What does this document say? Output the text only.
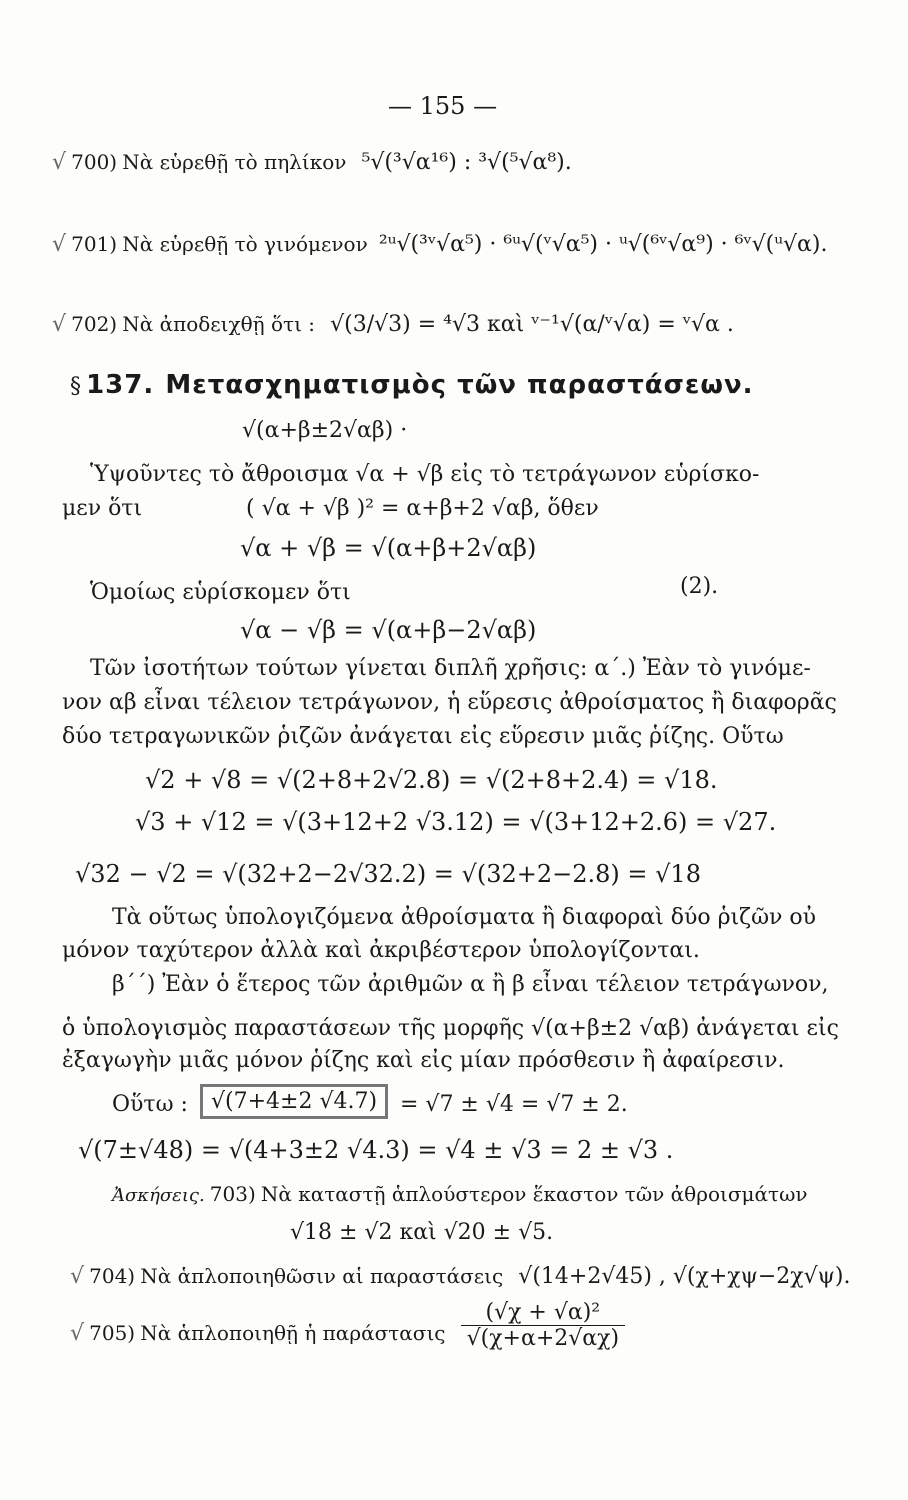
— 155 —
√ 700) Νὰ εὑρεθῇ τὸ πηλίκον ⁵√(³√α¹⁶) : ³√(⁵√α⁸).
√ 701) Νὰ εὑρεθῇ τὸ γινόμενον ²ᵘ√(³ᵛ√α⁵) · ⁶ᵘ√(ᵛ√α⁵) · ᵘ√(⁶ᵛ√α⁹) · ⁶ᵛ√(ᵘ√α).
√ 702) Νὰ ἀποδειχθῇ ὅτι : √(3/√3) = ⁴√3 καὶ ᵛ⁻¹√(α/ᵛ√α) = ᵛ√α .
§ 137. Μετασχηματισμὸς τῶν παραστάσεων.
√(α+β±2√αβ) ·
Ὑψοῦντες τὸ ἄθροισμα √α + √β εἰς τὸ τετράγωνον εὑρίσκο-
μεν ὅτι	( √α + √β )² = α+β+2 √αβ, ὅθεν
√α + √β = √(α+β+2√αβ)
Ὁμοίως εὑρίσκομεν ὅτι	(2).
√α − √β = √(α+β−2√αβ)
Τῶν ἰσοτήτων τούτων γίνεται διπλῆ χρῆσις: α΄.) Ἐὰν τὸ γινόμε-
νον αβ εἶναι τέλειον τετράγωνον, ἡ εὕρεσις ἀθροίσματος ἢ διαφορᾶς
δύο τετραγωνικῶν ῥιζῶν ἀνάγεται εἰς εὕρεσιν μιᾶς ῥίζης. Οὕτω
√2 + √8 = √(2+8+2√2.8) = √(2+8+2.4) = √18.
√3 + √12 = √(3+12+2 √3.12) = √(3+12+2.6) = √27.
√32 − √2 = √(32+2−2√32.2) = √(32+2−2.8) = √18
Τὰ οὕτως ὑπολογιζόμενα ἀθροίσματα ἢ διαφοραὶ δύο ῥιζῶν οὐ
μόνον ταχύτερον ἀλλὰ καὶ ἀκριβέστερον ὑπολογίζονται.
β΄΄) Ἐὰν ὁ ἕτερος τῶν ἀριθμῶν α ἢ β εἶναι τέλειον τετράγωνον,
ὁ ὑπολογισμὸς παραστάσεων τῆς μορφῆς √(α+β±2 √αβ) ἀνάγεται εἰς
ἐξαγωγὴν μιᾶς μόνον ῥίζης καὶ εἰς μίαν πρόσθεσιν ἢ ἀφαίρεσιν.
Οὕτω :	√(7+4±2 √4.7)	= √7 ± √4 = √7 ± 2.
√(7±√48) = √(4+3±2 √4.3) = √4 ± √3 = 2 ± √3 .
Ἀσκήσεις. 703) Νὰ καταστῇ ἁπλούστερον ἕκαστον τῶν ἀθροισμάτων
√18 ± √2 καὶ √20 ± √5.
√ 704) Νὰ ἁπλοποιηθῶσιν αἱ παραστάσεις √(14+2√45) , √(χ+χψ−2χ√ψ).
√ 705) Νὰ ἁπλοποιηθῇ ἡ παράστασις $\frac{\text{(√χ + √α)²}}{√(\chi+\alpha+2√\alpha\chi)}$
